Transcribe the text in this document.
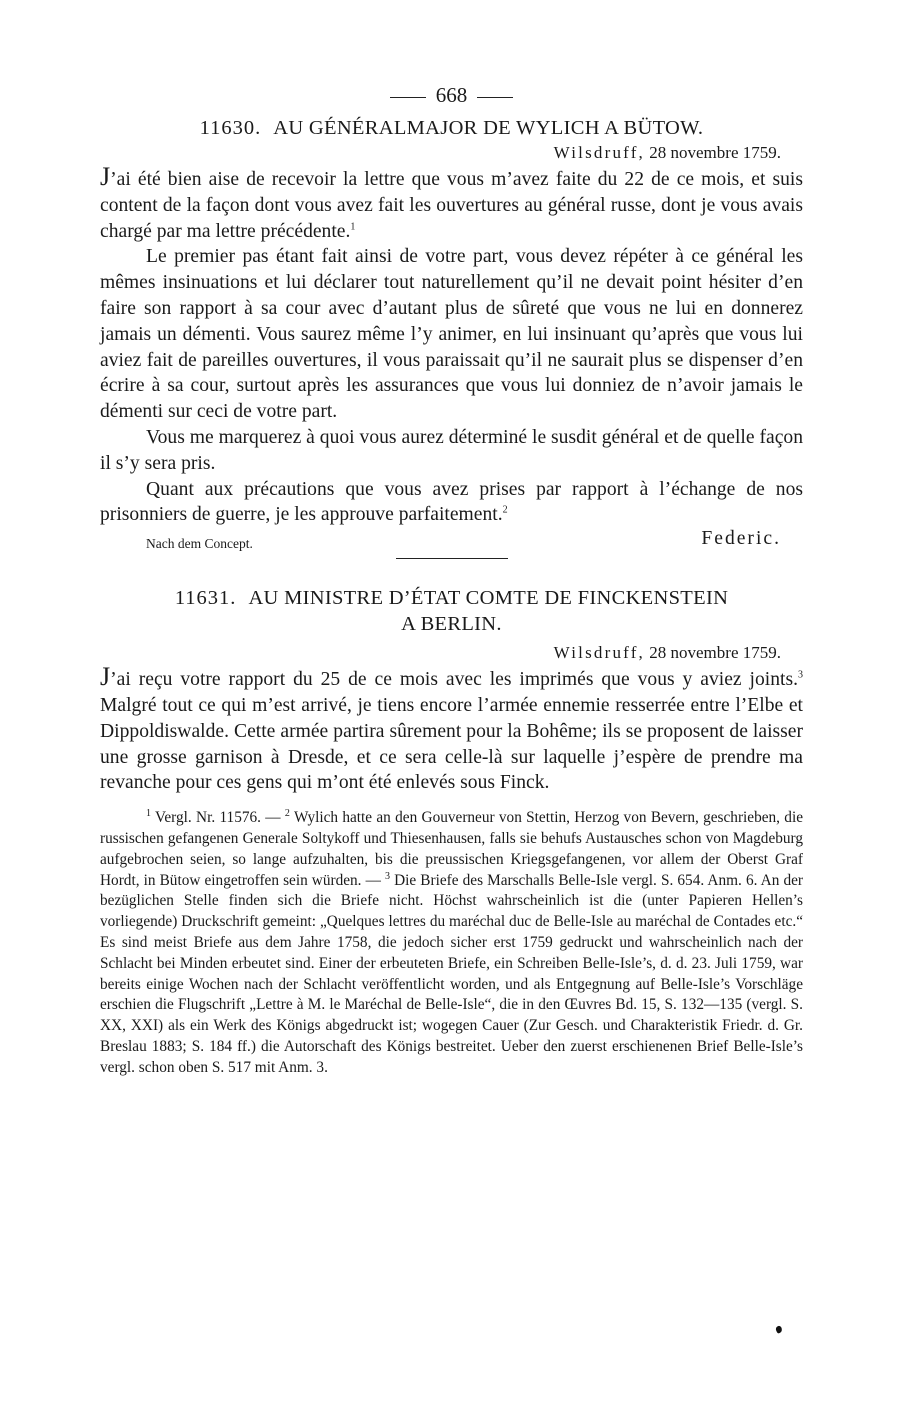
668
11630. AU GÉNÉRALMAJOR DE WYLICH A BÜTOW.
Wilsdruff, 28 novembre 1759.

J’ai été bien aise de recevoir la lettre que vous m’avez faite du 22 de ce mois, et suis content de la façon dont vous avez fait les ouvertures au général russe, dont je vous avais chargé par ma lettre précédente.$^1$

Le premier pas étant fait ainsi de votre part, vous devez répéter à ce général les mêmes insinuations et lui déclarer tout naturellement qu’il ne devait point hésiter d’en faire son rapport à sa cour avec d’autant plus de sûreté que vous ne lui en donnerez jamais un démenti. Vous saurez même l’y animer, en lui insinuant qu’après que vous lui aviez fait de pareilles ouvertures, il vous paraissait qu’il ne saurait plus se dispenser d’en écrire à sa cour, surtout après les assurances que vous lui donniez de n’avoir jamais le démenti sur ceci de votre part.

Vous me marquerez à quoi vous aurez déterminé le susdit général et de quelle façon il s’y sera pris.

Quant aux précautions que vous avez prises par rapport à l’échange de nos prisonniers de guerre, je les approuve parfaitement.$^2$

Nach dem Concept.	Federic.
11631. AU MINISTRE D’ÉTAT COMTE DE FINCKENSTEIN
A BERLIN.
Wilsdruff, 28 novembre 1759.

J’ai reçu votre rapport du 25 de ce mois avec les imprimés que vous y aviez joints.$^3$ Malgré tout ce qui m’est arrivé, je tiens encore l’armée ennemie resserrée entre l’Elbe et Dippoldiswalde. Cette armée partira sûrement pour la Bohême; ils se proposent de laisser une grosse garnison à Dresde, et ce sera celle-là sur laquelle j’espère de prendre ma revanche pour ces gens qui m’ont été enlevés sous Finck.

$^1$ Vergl. Nr. 11576. — $^2$ Wylich hatte an den Gouverneur von Stettin, Herzog von Bevern, geschrieben, die russischen gefangenen Generale Soltykoff und Thiesenhausen, falls sie behufs Austausches schon von Magdeburg aufgebrochen seien, so lange aufzuhalten, bis die preussischen Kriegsgefangenen, vor allem der Oberst Graf Hordt, in Bütow eingetroffen sein würden. — $^3$ Die Briefe des Marschalls Belle-Isle vergl. S. 654. Anm. 6. An der bezüglichen Stelle finden sich die Briefe nicht. Höchst wahrscheinlich ist die (unter Papieren Hellen’s vorliegende) Druckschrift gemeint: „Quelques lettres du maréchal duc de Belle-Isle au maréchal de Contades etc.“ Es sind meist Briefe aus dem Jahre 1758, die jedoch sicher erst 1759 gedruckt und wahrscheinlich nach der Schlacht bei Minden erbeutet sind. Einer der erbeuteten Briefe, ein Schreiben Belle-Isle’s, d. d. 23. Juli 1759, war bereits einige Wochen nach der Schlacht veröffentlicht worden, und als Entgegnung auf Belle-Isle’s Vorschläge erschien die Flugschrift „Lettre à M. le Maréchal de Belle-Isle“, die in den Œuvres Bd. 15, S. 132—135 (vergl. S. XX, XXI) als ein Werk des Königs abgedruckt ist; wogegen Cauer (Zur Gesch. und Charakteristik Friedr. d. Gr. Breslau 1883; S. 184 ff.) die Autorschaft des Königs bestreitet. Ueber den zuerst erschienenen Brief Belle-Isle’s vergl. schon oben S. 517 mit Anm. 3.
